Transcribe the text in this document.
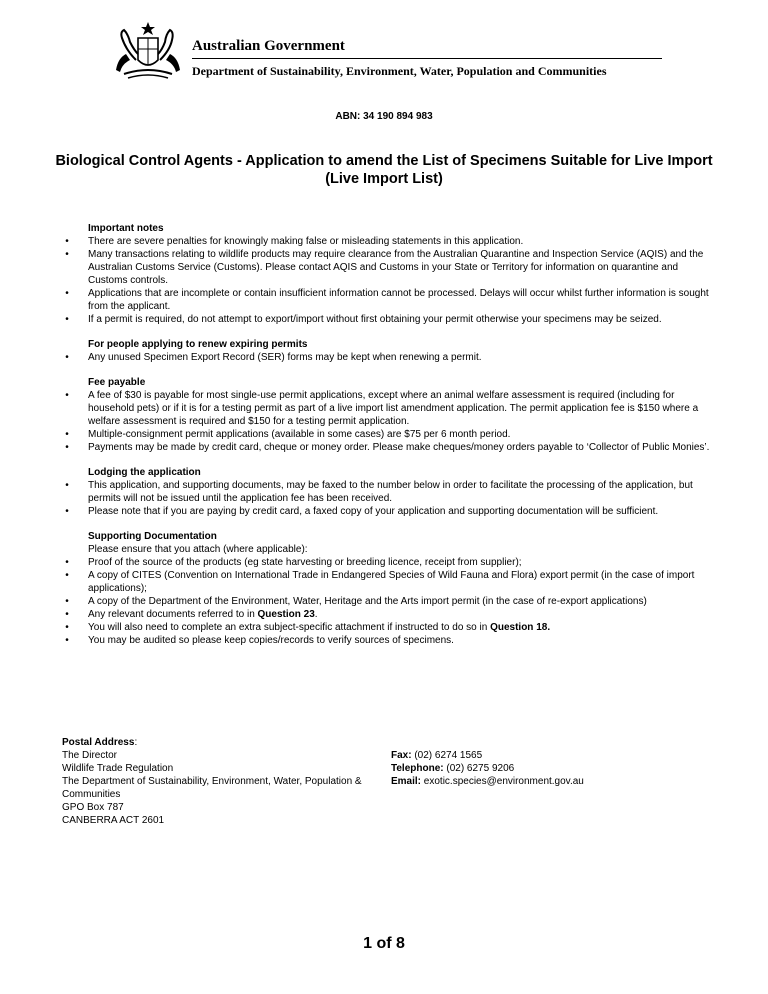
Australian Government
Department of Sustainability, Environment, Water, Population and Communities
ABN: 34 190 894 983
Biological Control Agents - Application to amend the List of Specimens Suitable for Live Import (Live Import List)
Important notes
•	There are severe penalties for knowingly making false or misleading statements in this application.
•	Many transactions relating to wildlife products may require clearance from the Australian Quarantine and Inspection Service (AQIS) and the Australian Customs Service (Customs). Please contact AQIS and Customs in your State or Territory for information on quarantine and Customs controls.
•	Applications that are incomplete or contain insufficient information cannot be processed. Delays will occur whilst further information is sought from the applicant.
•	If a permit is required, do not attempt to export/import without first obtaining your permit otherwise your specimens may be seized.
For people applying to renew expiring permits
•	Any unused Specimen Export Record (SER) forms may be kept when renewing a permit.
Fee payable
•	A fee of $30 is payable for most single-use permit applications, except where an animal welfare assessment is required (including for household pets) or if it is for a testing permit as part of a live import list amendment application. The permit application fee is $150 where a welfare assessment is required and $150 for a testing permit application.
•	Multiple-consignment permit applications (available in some cases) are $75 per 6 month period.
•	Payments may be made by credit card, cheque or money order. Please make cheques/money orders payable to ‘Collector of Public Monies’.
Lodging the application
•	This application, and supporting documents, may be faxed to the number below in order to facilitate the processing of the application, but permits will not be issued until the application fee has been received.
•	Please note that if you are paying by credit card, a faxed copy of your application and supporting documentation will be sufficient.
Supporting Documentation
Please ensure that you attach (where applicable):
•	Proof of the source of the products (eg state harvesting or breeding licence, receipt from supplier);
•	A copy of CITES (Convention on International Trade in Endangered Species of Wild Fauna and Flora) export permit (in the case of import applications);
•	A copy of the Department of the Environment, Water, Heritage and the Arts import permit (in the case of re-export applications)
•	Any relevant documents referred to in Question 23.
•	You will also need to complete an extra subject-specific attachment if instructed to do so in Question 18.
•	You may be audited so please keep copies/records to verify sources of specimens.
Postal Address:
The Director
Wildlife Trade Regulation
The Department of Sustainability, Environment, Water, Population & Communities
GPO Box 787
CANBERRA ACT 2601
Fax: (02) 6274 1565
Telephone: (02) 6275 9206
Email: exotic.species@environment.gov.au
1 of 8
